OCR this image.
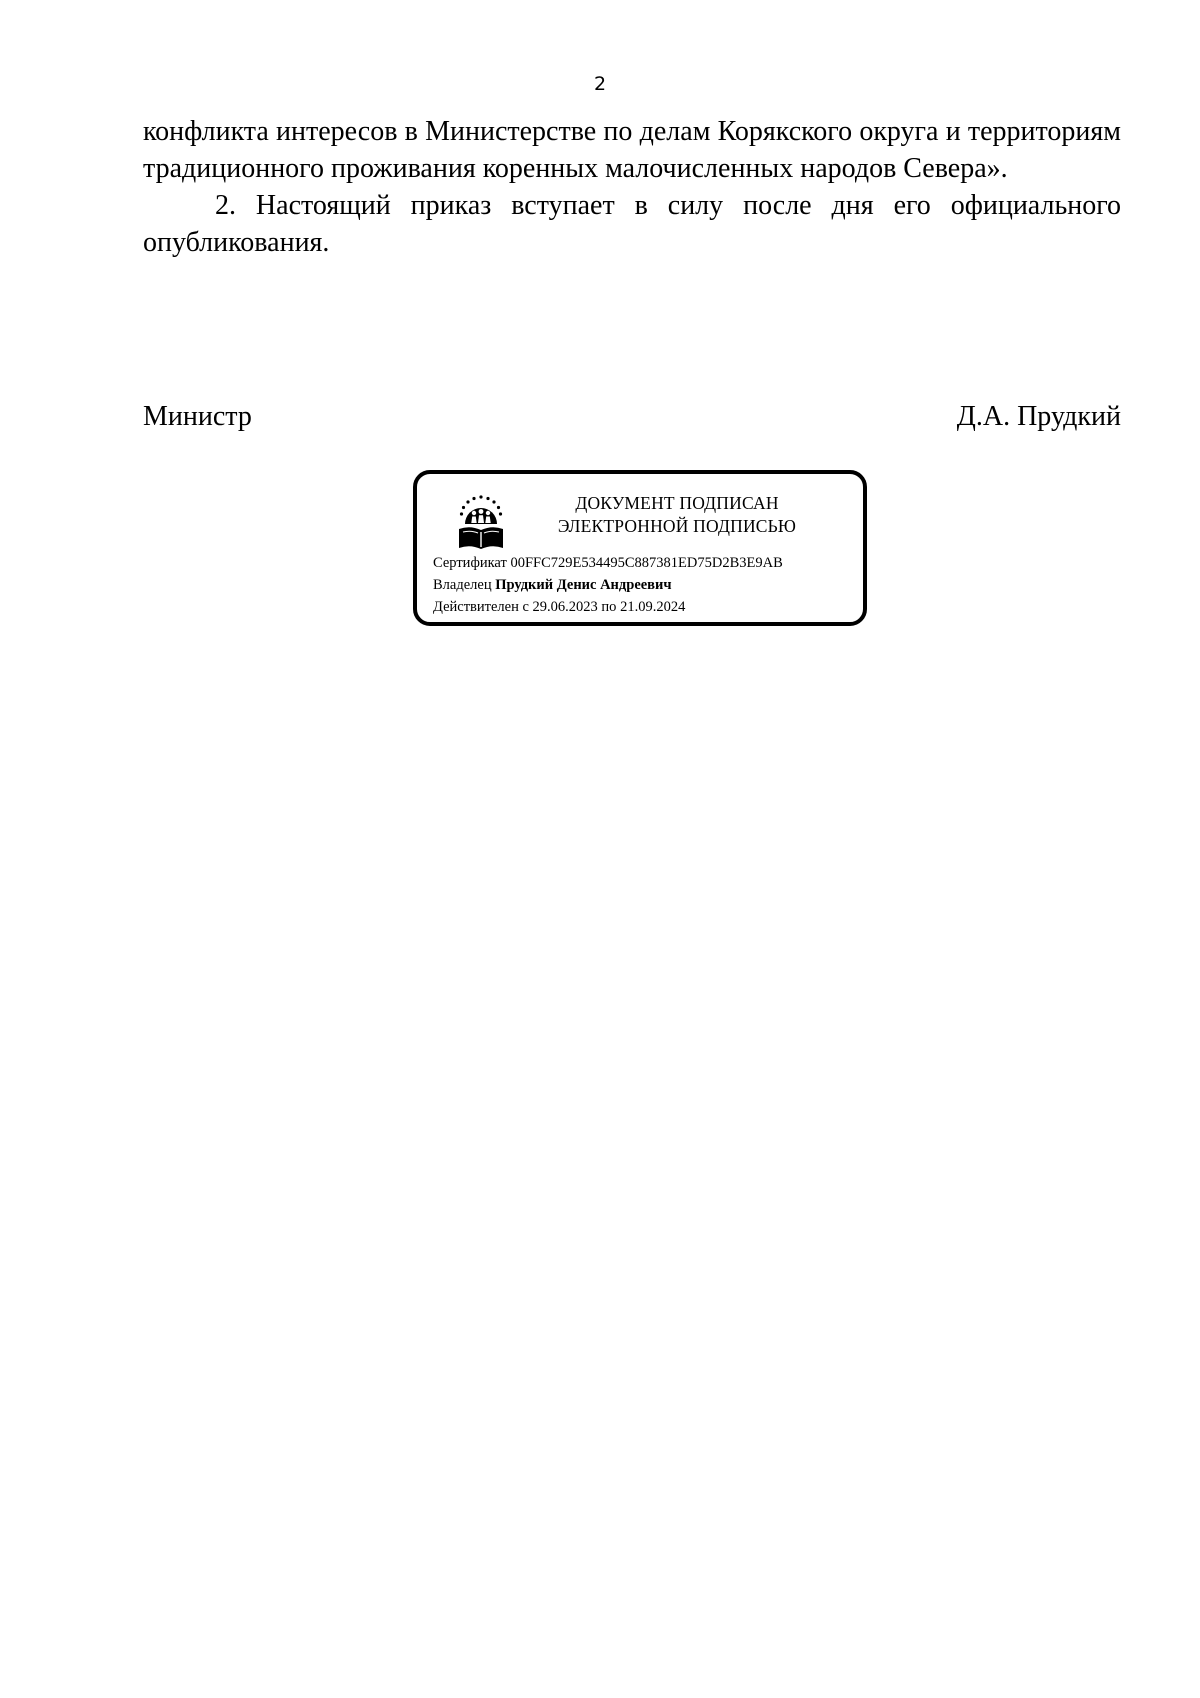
2

конфликта интересов в Министерстве по делам Корякского округа и территориям традиционного проживания коренных малочисленных народов Севера».

2. Настоящий приказ вступает в силу после дня его официального опубликования.

Министр	Д.А. Прудкий
ДОКУМЕНТ ПОДПИСАН
ЭЛЕКТРОННОЙ ПОДПИСЬЮ
Сертификат 00FFC729E534495C887381ED75D2B3E9AB
Владелец Прудкий Денис Андреевич
Действителен с 29.06.2023 по 21.09.2024
